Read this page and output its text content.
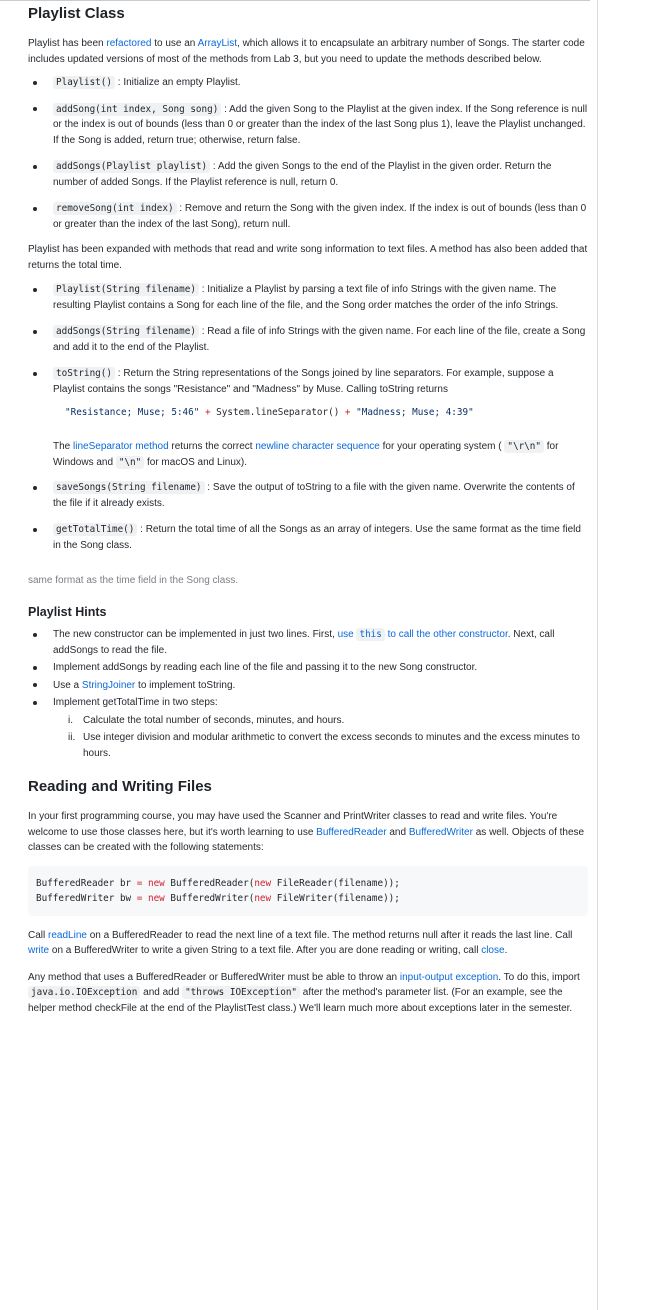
Playlist Class

Playlist has been refactored to use an ArrayList, which allows it to encapsulate an arbitrary number of Songs. The starter code includes updated versions of most of the methods from Lab 3, but you need to update the methods described below.

Playlist() : Initialize an empty Playlist.
addSong(int index, Song song) : Add the given Song to the Playlist at the given index. If the Song reference is null or the index is out of bounds (less than 0 or greater than the index of the last Song plus 1), leave the Playlist unchanged. If the Song is added, return true; otherwise, return false.
addSongs(Playlist playlist) : Add the given Songs to the end of the Playlist in the given order. Return the number of added Songs. If the Playlist reference is null, return 0.
removeSong(int index) : Remove and return the Song with the given index. If the index is out of bounds (less than 0 or greater than the index of the last Song), return null.

Playlist has been expanded with methods that read and write song information to text files. A method has also been added that returns the total time.

Playlist(String filename) : Initialize a Playlist by parsing a text file of info Strings with the given name. The resulting Playlist contains a Song for each line of the file, and the Song order matches the order of the info Strings.
addSongs(String filename) : Read a file of info Strings with the given name. For each line of the file, create a Song and add it to the end of the Playlist.
toString() : Return the String representations of the Songs joined by line separators. For example, suppose a Playlist contains the songs "Resistance" and "Madness" by Muse. Calling toString returns
"Resistance; Muse; 5:46" + System.lineSeparator() + "Madness; Muse; 4:39"

The lineSeparator method returns the correct newline character sequence for your operating system ( "\r\n" for Windows and "\n" for macOS and Linux).

saveSongs(String filename) : Save the output of toString to a file with the given name. Overwrite the contents of the file if it already exists.
getTotalTime() : Return the total time of all the Songs as an array of integers. Use the same format as the time field in the Song class.
same format as the time field in the Song class.
Playlist Hints
The new constructor can be implemented in just two lines. First, use this to call the other constructor. Next, call addSongs to read the file.
Implement addSongs by reading each line of the file and passing it to the new Song constructor.
Use a StringJoiner to implement toString.
Implement getTotalTime in two steps:
i. Calculate the total number of seconds, minutes, and hours.
ii. Use integer division and modular arithmetic to convert the excess seconds to minutes and the excess minutes to hours.
Reading and Writing Files

In your first programming course, you may have used the Scanner and PrintWriter classes to read and write files. You're welcome to use those classes here, but it's worth learning to use BufferedReader and BufferedWriter as well. Objects of these classes can be created with the following statements:

BufferedReader br = new BufferedReader(new FileReader(filename));
BufferedWriter bw = new BufferedWriter(new FileWriter(filename));

Call readLine on a BufferedReader to read the next line of a text file. The method returns null after it reads the last line. Call write on a BufferedWriter to write a given String to a text file. After you are done reading or writing, call close.

Any method that uses a BufferedReader or BufferedWriter must be able to throw an input-output exception. To do this, import java.io.IOException and add "throws IOException" after the method's parameter list. (For an example, see the helper method checkFile at the end of the PlaylistTest class.) We'll learn much more about exceptions later in the semester.
